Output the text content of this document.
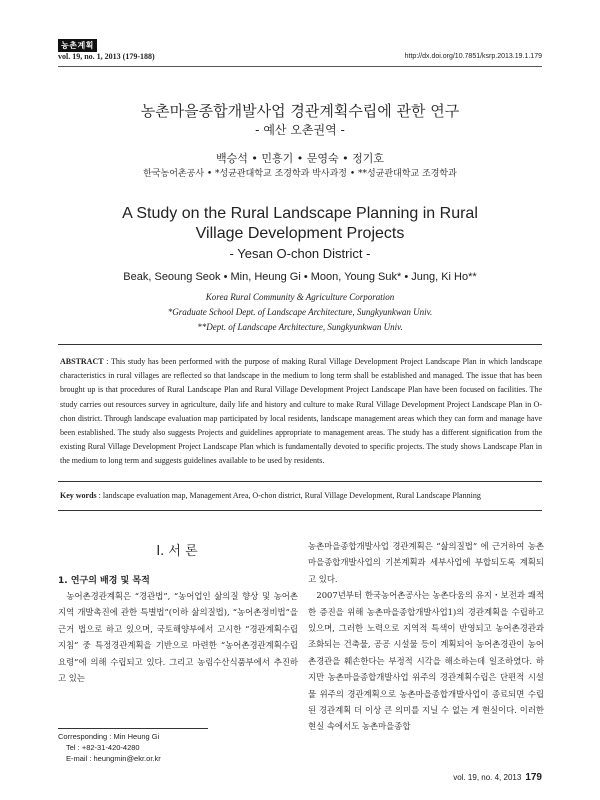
농촌계획
vol. 19, no. 1, 2013 (179-188)	http://dx.doi.org/10.7851/ksrp.2013.19.1.179
농촌마을종합개발사업 경관계획수립에 관한 연구
- 예산 오촌권역 -
백승석 • 민흥기 • 문영숙 • 정기호
한국농어촌공사 • *성균관대학교 조경학과 박사과정 • **성균관대학교 조경학과
A Study on the Rural Landscape Planning in Rural
Village Development Projects
- Yesan O-chon District -
Beak, Seoung Seok • Min, Heung Gi • Moon, Young Suk* • Jung, Ki Ho**
Korea Rural Community & Agriculture Corporation
*Graduate School Dept. of Landscape Architecture, Sungkyunkwan Univ.
**Dept. of Landscape Architecture, Sungkyunkwan Univ.
ABSTRACT : This study has been performed with the purpose of making Rural Village Development Project Landscape Plan in which landscape characteristics in rural villages are reflected so that landscape in the medium to long term shall be established and managed. The issue that has been brought up is that procedures of Rural Landscape Plan and Rural Village Development Project Landscape Plan have been focused on facilities. The study carries out resources survey in agriculture, daily life and history and culture to make Rural Village Development Project Landscape Plan in O-chon district. Through landscape evaluation map participated by local residents, landscape management areas which they can form and manage have been established. The study also suggests Projects and guidelines appropriate to management areas. The study has a different signification from the existing Rural Village Development Project Landscape Plan which is fundamentally devoted to specific projects. The study shows Landscape Plan in the medium to long term and suggests guidelines available to be used by residents.
Key words : landscape evaluation map, Management Area, O-chon district, Rural Village Development, Rural Landscape Planning
I. 서 론
1. 연구의 배경 및 목적

농어촌경관계획은 “경관법”, “농어업인 삶의질 향상 및 농어촌지역 개발촉진에 관한 특별법”(이하 삶의질법), “농어촌정비법”을 근거 법으로 하고 있으며, 국토해양부에서 고시한 “경관계획수립지침” 중 특정경관계획을 기반으로 마련한 “농어촌경관계획수립 요령”에 의해 수립되고 있다. 그리고 농림수산식품부에서 추진하고 있는

농촌마을종합개발사업 경관계획은 “삶의질법” 에 근거하여 농촌마을종합개발사업의 기본계획과 세부사업에 부합되도록 계획되고 있다.

2007년부터 한국농어촌공사는 농촌다움의 유지・보전과 쾌적한 증진을 위해 농촌마을종합개발사업1)의 경관계획을 수립하고 있으며, 그러한 노력으로 지역적 특색이 반영되고 농어촌경관과 조화되는 건축물, 공공 시설물 등이 계획되어 농어촌경관이 농어촌경관을 훼손한다는 부정적 시각을 해소하는데 일조하였다. 하지만 농촌마을종합개발사업 위주의 경관계획수립은 단편적 시설물 위주의 경관계획으로 농촌마을종합개발사업이 종료되면 수립된 경관계획 더 이상 큰 의미를 지닐 수 없는 게 현실이다. 이러한 현실 속에서도 농촌마을종합

Corresponding : Min Heung Gi
Tel : +82-31-420-4280
E-mail : heungmin@ekr.or.kr
vol. 19, no. 4, 2013 179
